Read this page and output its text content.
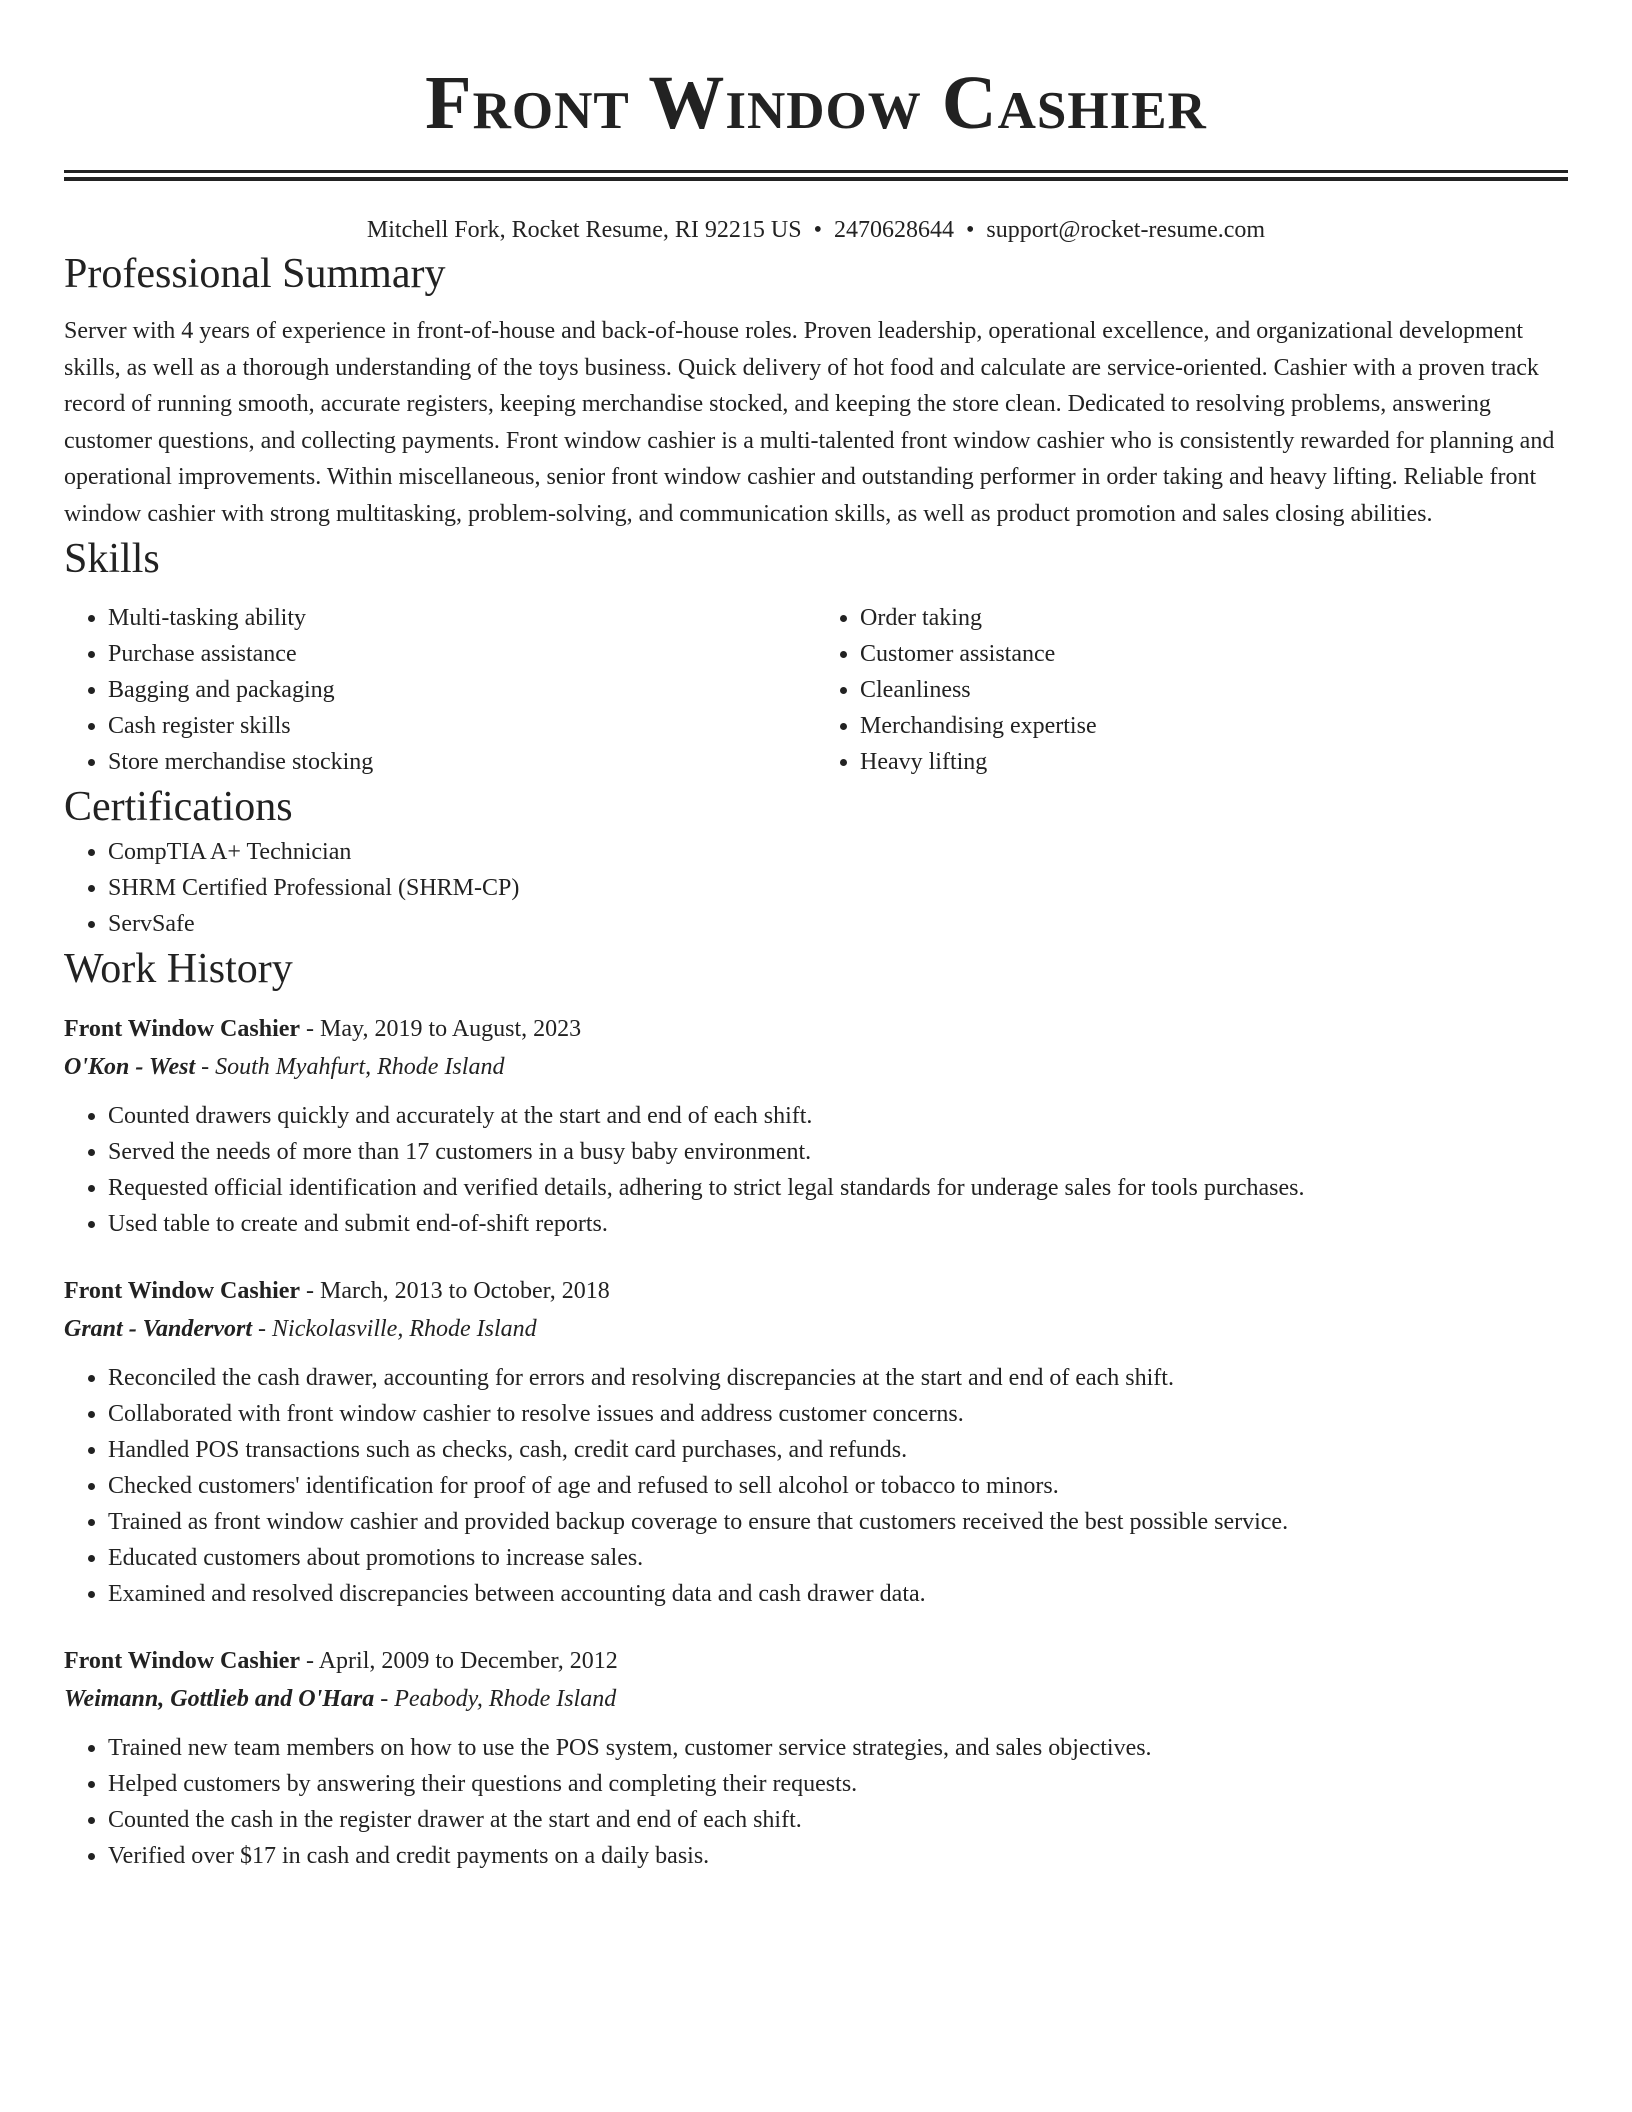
Front Window Cashier
Mitchell Fork, Rocket Resume, RI 92215 US • 2470628644 • support@rocket-resume.com
Professional Summary

Server with 4 years of experience in front-of-house and back-of-house roles. Proven leadership, operational excellence, and organizational development skills, as well as a thorough understanding of the toys business. Quick delivery of hot food and calculate are service-oriented. Cashier with a proven track record of running smooth, accurate registers, keeping merchandise stocked, and keeping the store clean. Dedicated to resolving problems, answering customer questions, and collecting payments. Front window cashier is a multi-talented front window cashier who is consistently rewarded for planning and operational improvements. Within miscellaneous, senior front window cashier and outstanding performer in order taking and heavy lifting. Reliable front window cashier with strong multitasking, problem-solving, and communication skills, as well as product promotion and sales closing abilities.

Skills
• Multi-tasking ability
• Purchase assistance
• Bagging and packaging
• Cash register skills
• Store merchandise stocking
• Order taking
• Customer assistance
• Cleanliness
• Merchandising expertise
• Heavy lifting
Certifications
• CompTIA A+ Technician
• SHRM Certified Professional (SHRM-CP)
• ServSafe
Work History
Front Window Cashier - May, 2019 to August, 2023
O'Kon - West - South Myahfurt, Rhode Island
• Counted drawers quickly and accurately at the start and end of each shift.
• Served the needs of more than 17 customers in a busy baby environment.
• Requested official identification and verified details, adhering to strict legal standards for underage sales for tools purchases.
• Used table to create and submit end-of-shift reports.
Front Window Cashier - March, 2013 to October, 2018
Grant - Vandervort - Nickolasville, Rhode Island
• Reconciled the cash drawer, accounting for errors and resolving discrepancies at the start and end of each shift.
• Collaborated with front window cashier to resolve issues and address customer concerns.
• Handled POS transactions such as checks, cash, credit card purchases, and refunds.
• Checked customers' identification for proof of age and refused to sell alcohol or tobacco to minors.
• Trained as front window cashier and provided backup coverage to ensure that customers received the best possible service.
• Educated customers about promotions to increase sales.
• Examined and resolved discrepancies between accounting data and cash drawer data.
Front Window Cashier - April, 2009 to December, 2012
Weimann, Gottlieb and O'Hara - Peabody, Rhode Island
• Trained new team members on how to use the POS system, customer service strategies, and sales objectives.
• Helped customers by answering their questions and completing their requests.
• Counted the cash in the register drawer at the start and end of each shift.
• Verified over $17 in cash and credit payments on a daily basis.
